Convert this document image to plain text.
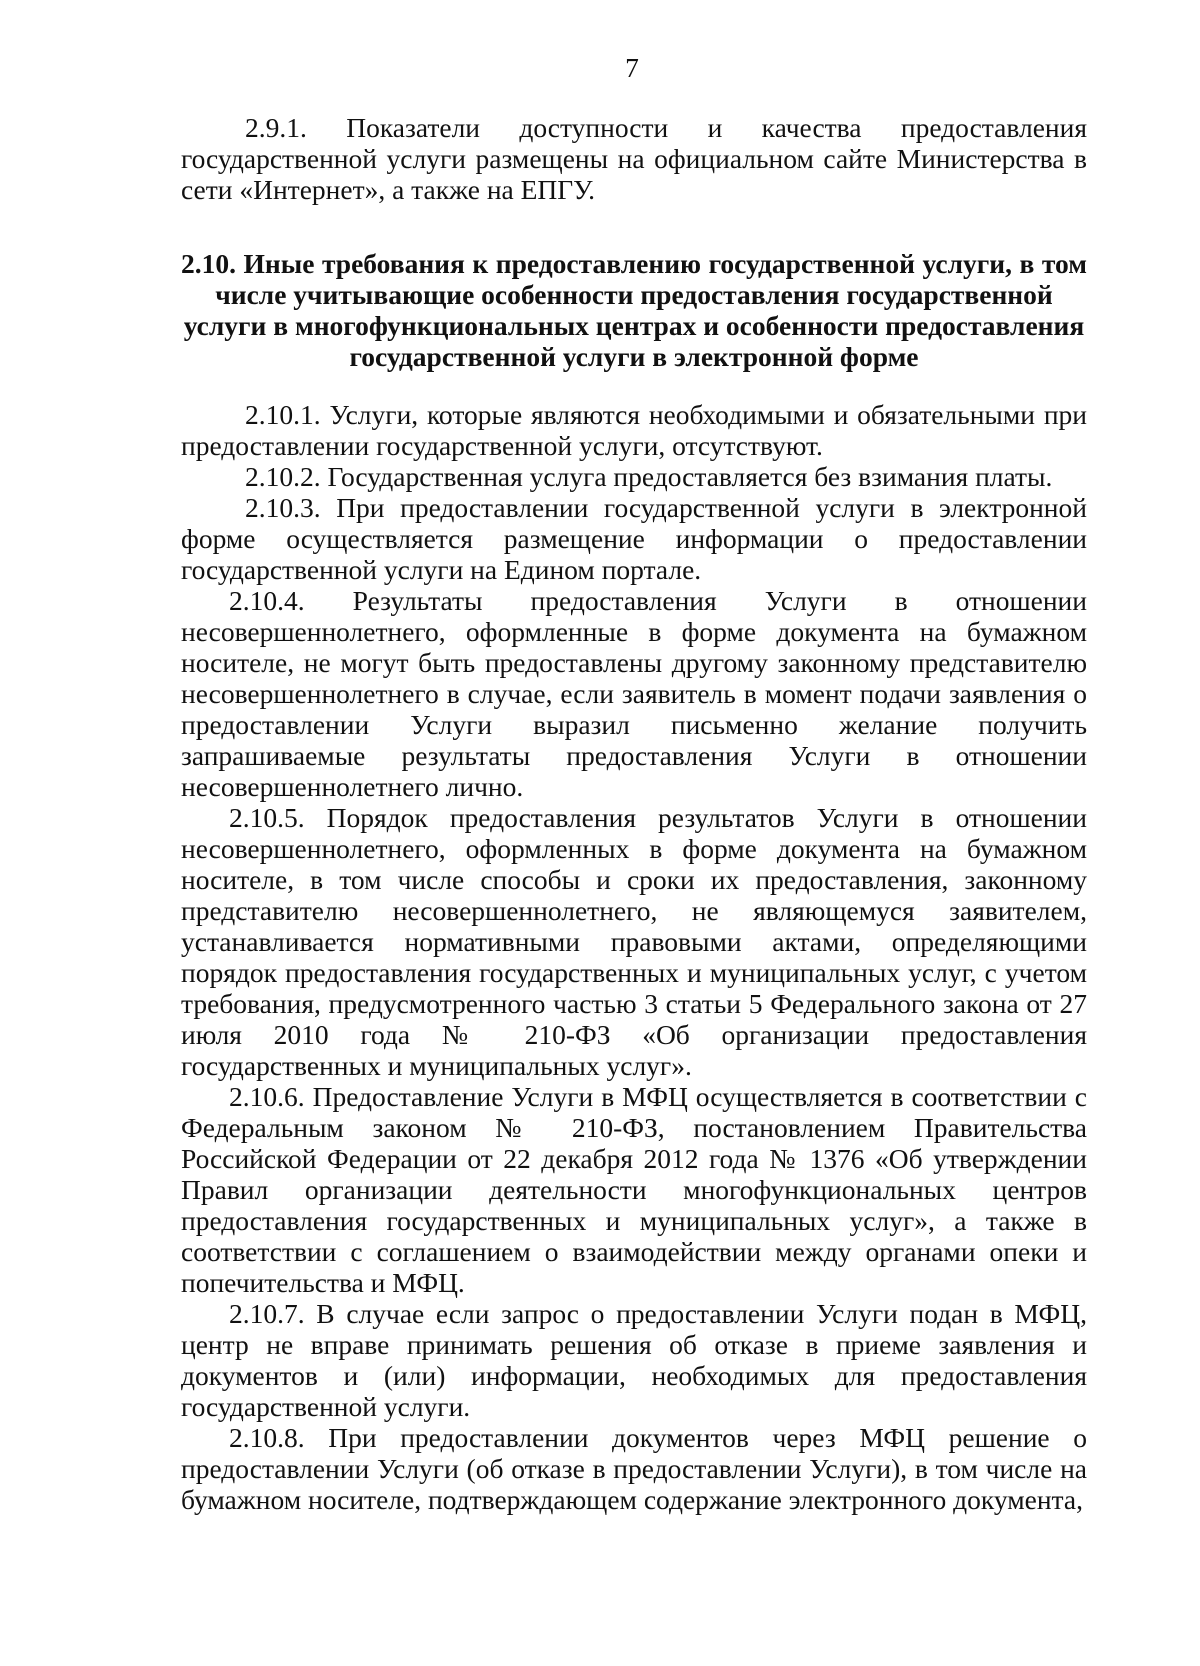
7

2.9.1. Показатели доступности и качества предоставления государственной услуги размещены на официальном сайте Министерства в сети «Интернет», а также на ЕПГУ.

2.10. Иные требования к предоставлению государственной услуги, в том
числе учитывающие особенности предоставления государственной
услуги в многофункциональных центрах и особенности предоставления
государственной услуги в электронной форме

2.10.1. Услуги, которые являются необходимыми и обязательными при предоставлении государственной услуги, отсутствуют.

2.10.2. Государственная услуга предоставляется без взимания платы.

2.10.3. При предоставлении государственной услуги в электронной форме осуществляется размещение информации о предоставлении государственной услуги на Едином портале.

2.10.4. Результаты предоставления Услуги в отношении несовершеннолетнего, оформленные в форме документа на бумажном носителе, не могут быть предоставлены другому законному представителю несовершеннолетнего в случае, если заявитель в момент подачи заявления о предоставлении Услуги выразил письменно желание получить запрашиваемые результаты предоставления Услуги в отношении несовершеннолетнего лично.

2.10.5. Порядок предоставления результатов Услуги в отношении несовершеннолетнего, оформленных в форме документа на бумажном носителе, в том числе способы и сроки их предоставления, законному представителю несовершеннолетнего, не являющемуся заявителем, устанавливается нормативными правовыми актами, определяющими порядок предоставления государственных и муниципальных услуг, с учетом требования, предусмотренного частью 3 статьи 5 Федерального закона от 27 июля 2010 года № 210-ФЗ «Об организации предоставления государственных и муниципальных услуг».

2.10.6. Предоставление Услуги в МФЦ осуществляется в соответствии с Федеральным законом № 210-ФЗ, постановлением Правительства Российской Федерации от 22 декабря 2012 года № 1376 «Об утверждении Правил организации деятельности многофункциональных центров предоставления государственных и муниципальных услуг», а также в соответствии с соглашением о взаимодействии между органами опеки и попечительства и МФЦ.

2.10.7. В случае если запрос о предоставлении Услуги подан в МФЦ, центр не вправе принимать решения об отказе в приеме заявления и документов и (или) информации, необходимых для предоставления государственной услуги.

2.10.8. При предоставлении документов через МФЦ решение о предоставлении Услуги (об отказе в предоставлении Услуги), в том числе на бумажном носителе, подтверждающем содержание электронного документа,
